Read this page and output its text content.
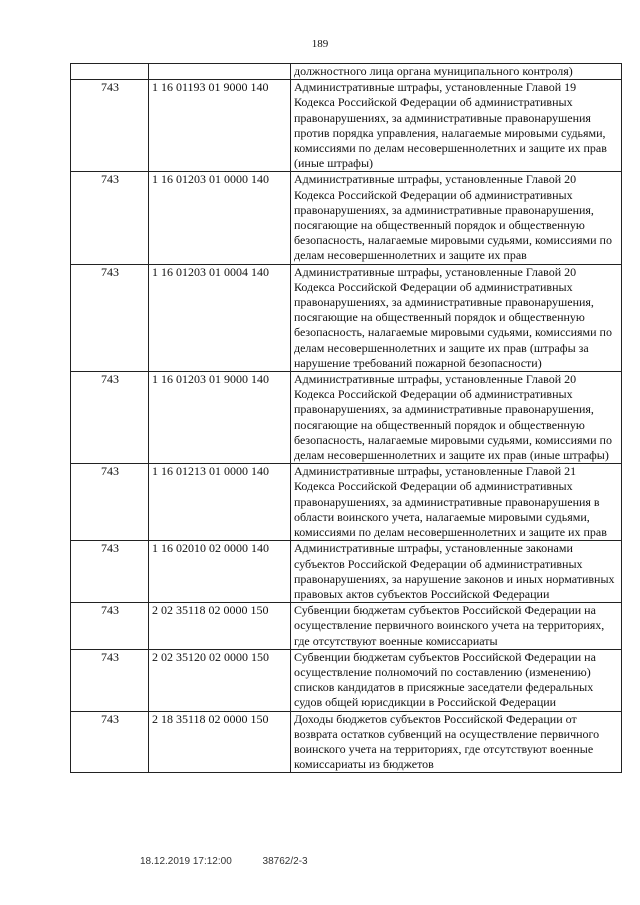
189
		должностного лица органа муниципального контроля)
743	1 16 01193 01 9000 140	Административные штрафы, установленные Главой 19 Кодекса Российской Федерации об административных правонарушениях, за административные правонарушения против порядка управления, налагаемые мировыми судьями, комиссиями по делам несовершеннолетних и защите их прав (иные штрафы)
743	1 16 01203 01 0000 140	Административные штрафы, установленные Главой 20 Кодекса Российской Федерации об административных правонарушениях, за административные правонарушения, посягающие на общественный порядок и общественную безопасность, налагаемые мировыми судьями, комиссиями по делам несовершеннолетних и защите их прав
743	1 16 01203 01 0004 140	Административные штрафы, установленные Главой 20 Кодекса Российской Федерации об административных правонарушениях, за административные правонарушения, посягающие на общественный порядок и общественную безопасность, налагаемые мировыми судьями, комиссиями по делам несовершеннолетних и защите их прав (штрафы за нарушение требований пожарной безопасности)
743	1 16 01203 01 9000 140	Административные штрафы, установленные Главой 20 Кодекса Российской Федерации об административных правонарушениях, за административные правонарушения, посягающие на общественный порядок и общественную безопасность, налагаемые мировыми судьями, комиссиями по делам несовершеннолетних и защите их прав (иные штрафы)
743	1 16 01213 01 0000 140	Административные штрафы, установленные Главой 21 Кодекса Российской Федерации об административных правонарушениях, за административные правонарушения в области воинского учета, налагаемые мировыми судьями, комиссиями по делам несовершеннолетних и защите их прав
743	1 16 02010 02 0000 140	Административные штрафы, установленные законами субъектов Российской Федерации об административных правонарушениях, за нарушение законов и иных нормативных правовых актов субъектов Российской Федерации
743	2 02 35118 02 0000 150	Субвенции бюджетам субъектов Российской Федерации на осуществление первичного воинского учета на территориях, где отсутствуют военные комиссариаты
743	2 02 35120 02 0000 150	Субвенции бюджетам субъектов Российской Федерации на осуществление полномочий по составлению (изменению) списков кандидатов в присяжные заседатели федеральных судов общей юрисдикции в Российской Федерации
743	2 18 35118 02 0000 150	Доходы бюджетов субъектов Российской Федерации от возврата остатков субвенций на осуществление первичного воинского учета на территориях, где отсутствуют военные комиссариаты из бюджетов
18.12.2019 17:12:00	38762/2-3
